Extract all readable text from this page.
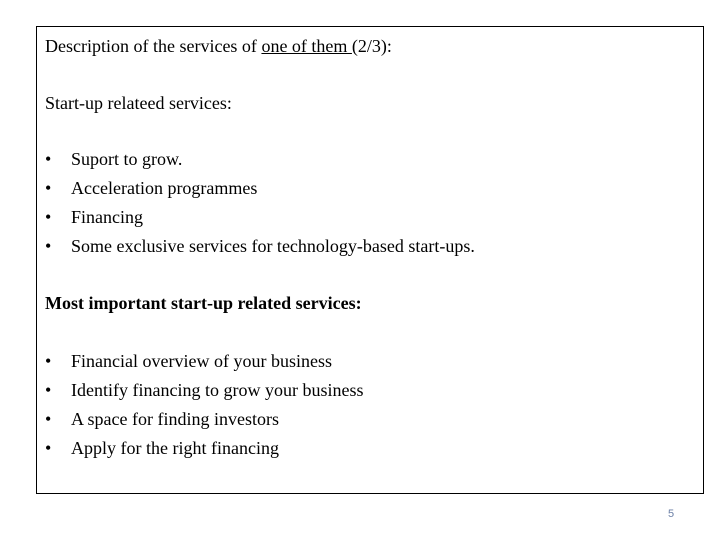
Description of the services of one of them (2/3):
Start-up relateed services:
• Suport to grow.
• Acceleration programmes
• Financing
• Some exclusive services for technology-based start-ups.
Most important start-up related services:
• Financial overview of your business
• Identify financing to grow your business
• A space for finding investors
• Apply for the right financing
5
